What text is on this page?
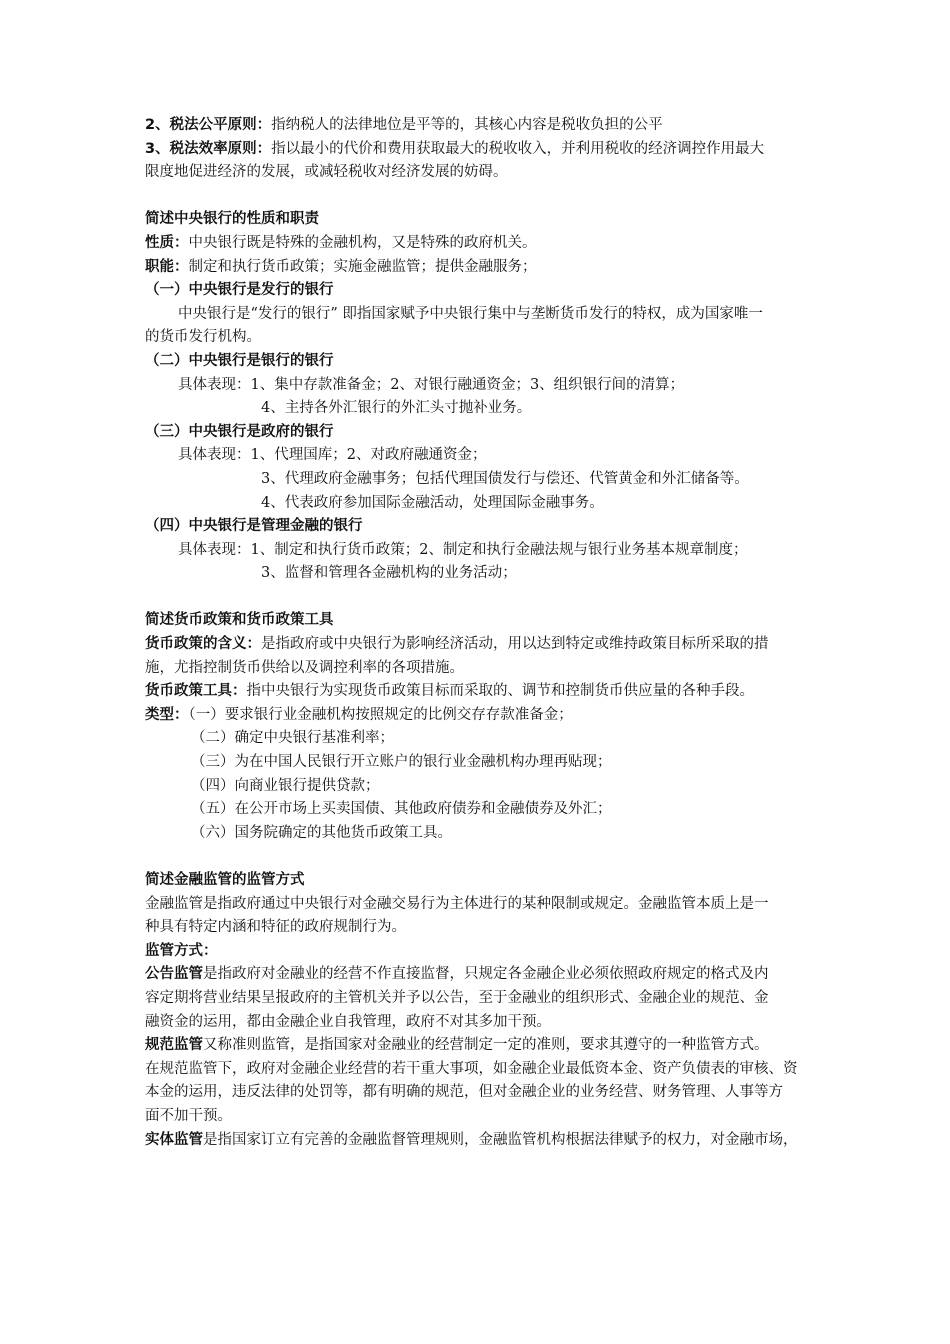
2、税法公平原则：指纳税人的法律地位是平等的，其核心内容是税收负担的公平
3、税法效率原则：指以最小的代价和费用获取最大的税收收入，并利用税收的经济调控作用最大
限度地促进经济的发展，或减轻税收对经济发展的妨碍。
简述中央银行的性质和职责
性质：中央银行既是特殊的金融机构，又是特殊的政府机关。
职能：制定和执行货币政策；实施金融监管；提供金融服务；
（一）中央银行是发行的银行
中央银行是“发行的银行” 即指国家赋予中央银行集中与垄断货币发行的特权，成为国家唯一
的货币发行机构。
（二）中央银行是银行的银行
具体表现：1、集中存款准备金；2、对银行融通资金；3、组织银行间的清算；
4、主持各外汇银行的外汇头寸抛补业务。
（三）中央银行是政府的银行
具体表现：1、代理国库；2、对政府融通资金；
3、代理政府金融事务；包括代理国债发行与偿还、代管黄金和外汇储备等。
4、代表政府参加国际金融活动，处理国际金融事务。
（四）中央银行是管理金融的银行
具体表现：1、制定和执行货币政策；2、制定和执行金融法规与银行业务基本规章制度；
3、监督和管理各金融机构的业务活动；
简述货币政策和货币政策工具
货币政策的含义：是指政府或中央银行为影响经济活动，用以达到特定或维持政策目标所采取的措
施，尤指控制货币供给以及调控利率的各项措施。
货币政策工具：指中央银行为实现货币政策目标而采取的、调节和控制货币供应量的各种手段。
类型：（一）要求银行业金融机构按照规定的比例交存存款准备金；
（二）确定中央银行基准利率；
（三）为在中国人民银行开立账户的银行业金融机构办理再贴现；
（四）向商业银行提供贷款；
（五）在公开市场上买卖国债、其他政府债券和金融债券及外汇；
（六）国务院确定的其他货币政策工具。
简述金融监管的监管方式
金融监管是指政府通过中央银行对金融交易行为主体进行的某种限制或规定。金融监管本质上是一
种具有特定内涵和特征的政府规制行为。
监管方式：
公告监管是指政府对金融业的经营不作直接监督，只规定各金融企业必须依照政府规定的格式及内
容定期将营业结果呈报政府的主管机关并予以公告，至于金融业的组织形式、金融企业的规范、金
融资金的运用，都由金融企业自我管理，政府不对其多加干预。
规范监管又称准则监管，是指国家对金融业的经营制定一定的准则，要求其遵守的一种监管方式。
在规范监管下，政府对金融企业经营的若干重大事项，如金融企业最低资本金、资产负债表的审核、资
本金的运用，违反法律的处罚等，都有明确的规范，但对金融企业的业务经营、财务管理、人事等方
面不加干预。
实体监管是指国家订立有完善的金融监督管理规则，金融监管机构根据法律赋予的权力，对金融市场，
